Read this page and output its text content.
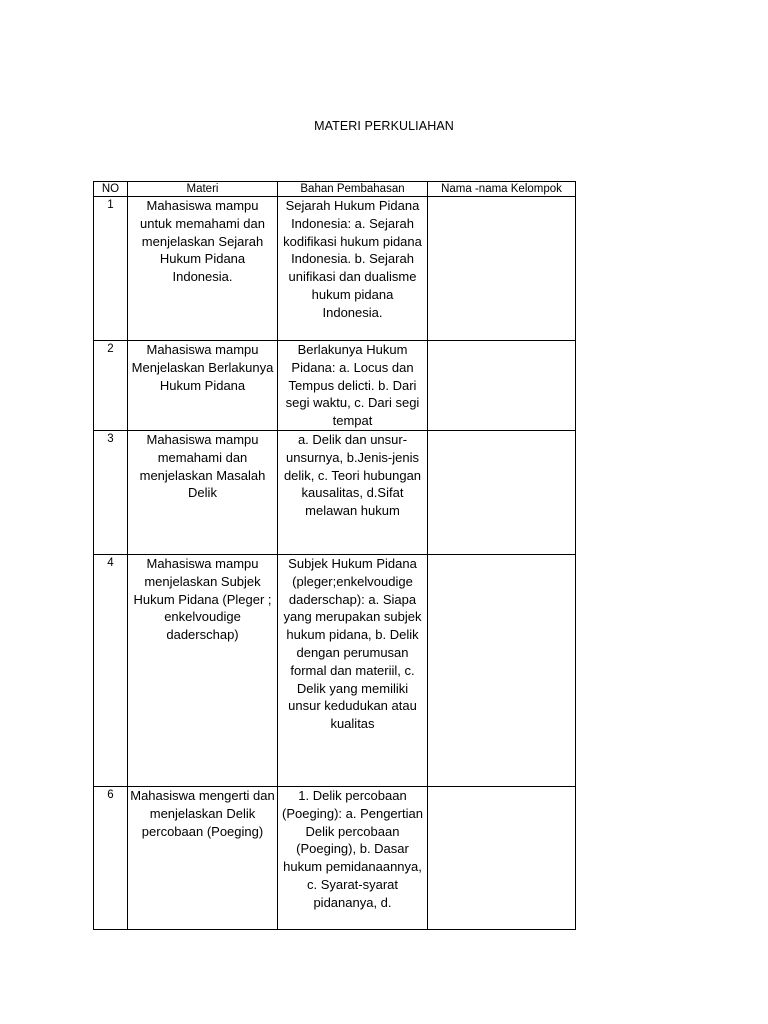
MATERI PERKULIAHAN
NO	Materi	Bahan Pembahasan	Nama -nama Kelompok
1	Mahasiswa mampu untuk memahami dan menjelaskan Sejarah Hukum Pidana Indonesia.	Sejarah Hukum Pidana Indonesia: a. Sejarah kodifikasi hukum pidana Indonesia. b. Sejarah unifikasi dan dualisme hukum pidana Indonesia.	

2	Mahasiswa mampu Menjelaskan Berlakunya Hukum Pidana	Berlakunya Hukum Pidana: a. Locus dan Tempus delicti. b. Dari segi waktu, c. Dari segi tempat	

3	Mahasiswa mampu memahami dan menjelaskan Masalah Delik	a. Delik dan unsur-unsurnya, b.Jenis-jenis delik, c. Teori hubungan kausalitas, d.Sifat melawan hukum	

4	Mahasiswa mampu menjelaskan Subjek Hukum Pidana (Pleger ; enkelvoudige daderschap)	Subjek Hukum Pidana (pleger;enkelvoudige daderschap): a. Siapa yang merupakan subjek hukum pidana, b. Delik dengan perumusan formal dan materiil, c. Delik yang memiliki unsur kedudukan atau kualitas	

6	Mahasiswa mengerti dan menjelaskan Delik percobaan (Poeging)	1. Delik percobaan (Poeging): a. Pengertian Delik percobaan (Poeging), b. Dasar hukum pemidanaannya, c. Syarat-syarat pidananya, d.	
